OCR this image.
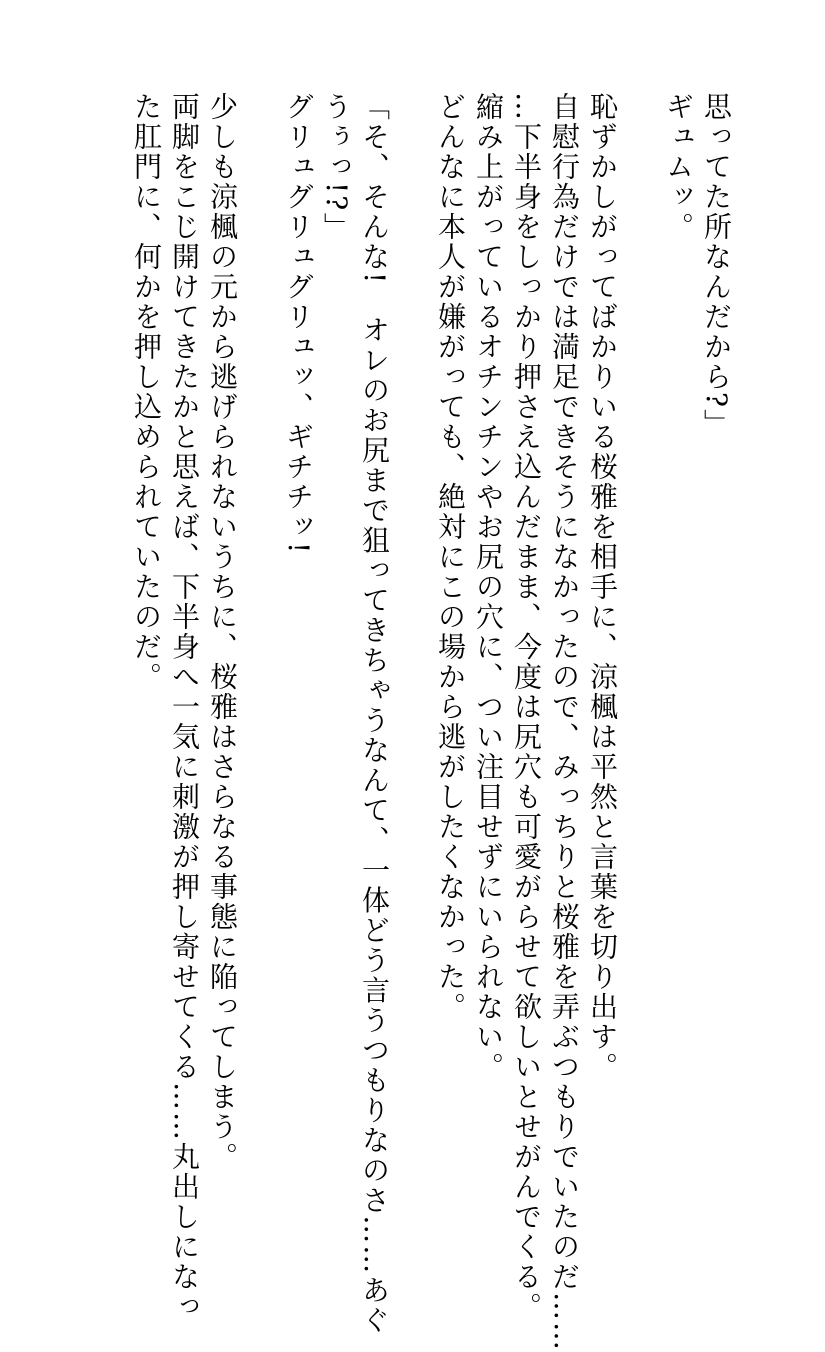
思ってた所なんだから?」
ギュムッ。
恥ずかしがってばかりいる桜雅を相手に、涼楓は平然と言葉を切り出す。
自慰行為だけでは満足できそうになかったので、みっちりと桜雅を弄ぶつもりでいたのだ……
…下半身をしっかり押さえ込んだまま、今度は尻穴も可愛がらせて欲しいとせがんでくる。
縮み上がっているオチンチンやお尻の穴に、つい注目せずにいられない。
どんなに本人が嫌がっても、絶対にこの場から逃がしたくなかった。
「そ、そんな!　オレのお尻まで狙ってきちゃうなんて、一体どう言うつもりなのさ……あぐ
うぅっ!?」
グリュグリュグリュッ、ギチチッ!
少しも涼楓の元から逃げられないうちに、桜雅はさらなる事態に陥ってしまう。
両脚をこじ開けてきたかと思えば、下半身へ一気に刺激が押し寄せてくる……丸出しになっ
た肛門に、何かを押し込められていたのだ。
